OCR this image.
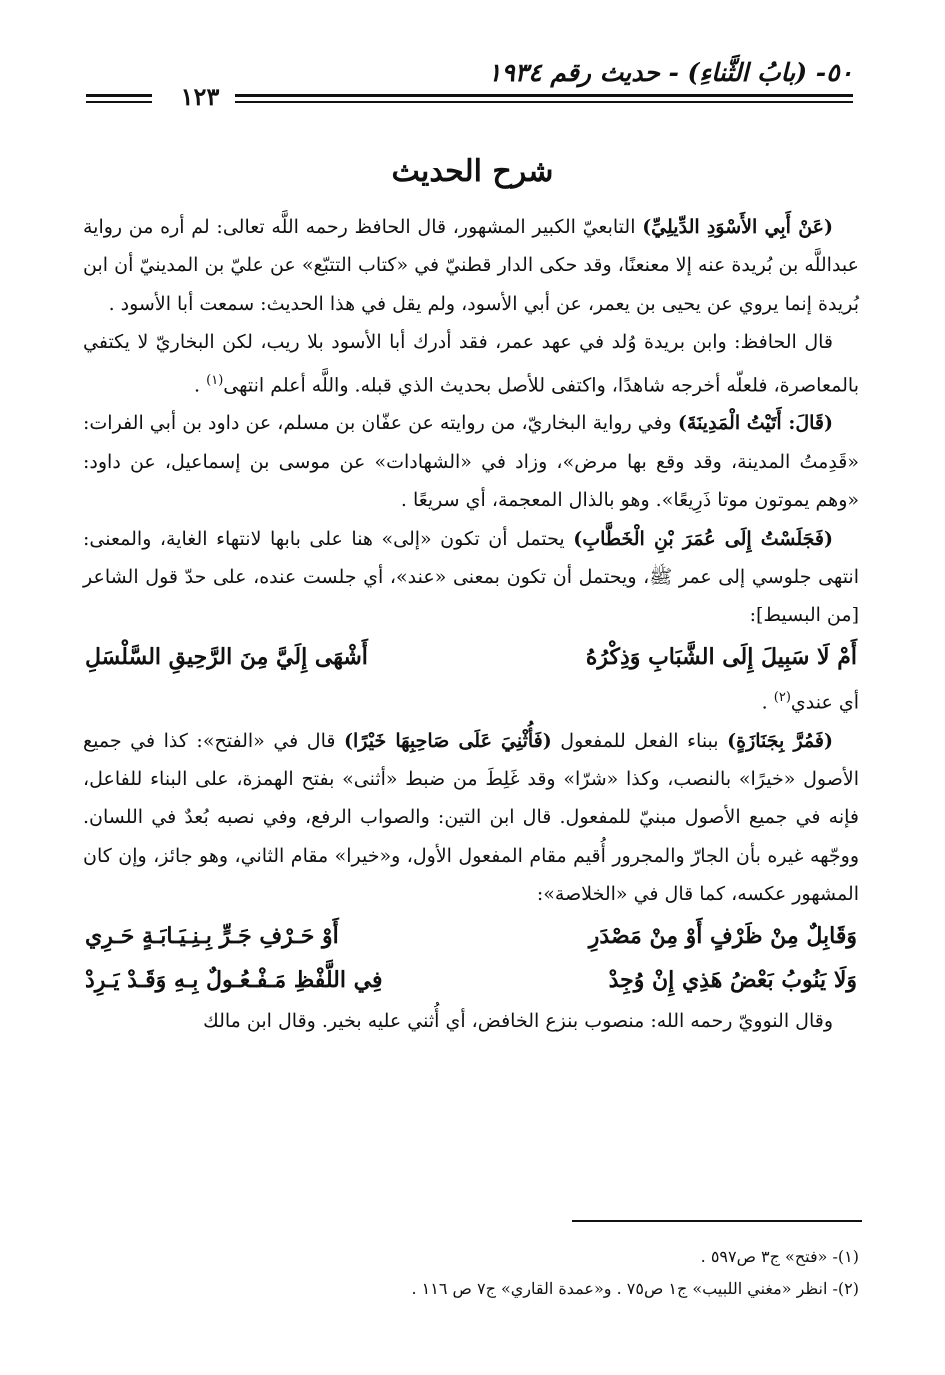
٥٠- (بابُ الثَّناءِ) - حديث رقم ١٩٣٤
١٢٣
شرح الحديث

(عَنْ أَبِي الأَسْوَدِ الدِّيلِيِّ) التابعيّ الكبير المشهور، قال الحافظ رحمه اللَّه تعالى: لم أره من رواية عبداللَّه بن بُريدة عنه إلا معنعنًا، وقد حكى الدار قطنيّ في «كتاب التتبّع» عن عليّ بن المدينيّ أن ابن بُريدة إنما يروي عن يحيى بن يعمر، عن أبي الأسود، ولم يقل في هذا الحديث: سمعت أبا الأسود .

قال الحافظ: وابن بريدة وُلد في عهد عمر، فقد أدرك أبا الأسود بلا ريب، لكن البخاريّ لا يكتفي بالمعاصرة، فلعلّه أخرجه شاهدًا، واكتفى للأصل بحديث الذي قبله. واللَّه أعلم انتهى$^{(١)}$ .

(قَالَ: أَتَيْتُ الْمَدِينَةَ) وفي رواية البخاريّ، من روايته عن عفّان بن مسلم، عن داود بن أبي الفرات: «قَدِمتُ المدينة، وقد وقع بها مرض»، وزاد في «الشهادات» عن موسى بن إسماعيل، عن داود: «وهم يموتون موتا ذَرِيعًا». وهو بالذال المعجمة، أي سريعًا .

(فَجَلَسْتُ إِلَى عُمَرَ بْنِ الْخَطَّابِ) يحتمل أن تكون «إلى» هنا على بابها لانتهاء الغاية، والمعنى: انتهى جلوسي إلى عمر ﷺ، ويحتمل أن تكون بمعنى «عند»، أي جلست عنده، على حدّ قول الشاعر [من البسيط]:

أَمْ لَا سَبِيلَ إِلَى الشَّبَابِ وَذِكْرُهُ
أَشْهَى إِلَيَّ مِنَ الرَّحِيقِ السَّلْسَلِ

أي عندي$^{(٢)}$ .

(فَمُرَّ بِجَنَازَةٍ) ببناء الفعل للمفعول (فَأُثْنِيَ عَلَى صَاحِبِهَا خَيْرًا) قال في «الفتح»: كذا في جميع الأصول «خيرًا» بالنصب، وكذا «شرّا» وقد غَلِطَ من ضبط «أثنى» بفتح الهمزة، على البناء للفاعل، فإنه في جميع الأصول مبنيّ للمفعول. قال ابن التين: والصواب الرفع، وفي نصبه بُعدٌ في اللسان. ووجّهه غيره بأن الجارّ والمجرور أُقيم مقام المفعول الأول، و«خيرا» مقام الثاني، وهو جائز، وإن كان المشهور عكسه، كما قال في «الخلاصة»:

وَقَابِلٌ مِنْ ظَرْفٍ أَوْ مِنْ مَصْدَرِ
أَوْ حَـرْفِ جَـرٍّ بِـنِـيَـابَـةٍ حَـرِي
وَلَا يَنُوبُ بَعْضُ هَذِي إِنْ وُجِدْ
فِي اللَّفْظِ مَـفْـعُـولٌ بِـهِ وَقَـدْ يَـرِدْ

وقال النوويّ رحمه الله: منصوب بنزع الخافض، أي أُثني عليه بخير. وقال ابن مالك

(١)- «فتح» ج٣ ص٥٩٧ .
(٢)- انظر «مغني اللبيب» ج١ ص٧٥ . و«عمدة القاري» ج٧ ص ١١٦ .
